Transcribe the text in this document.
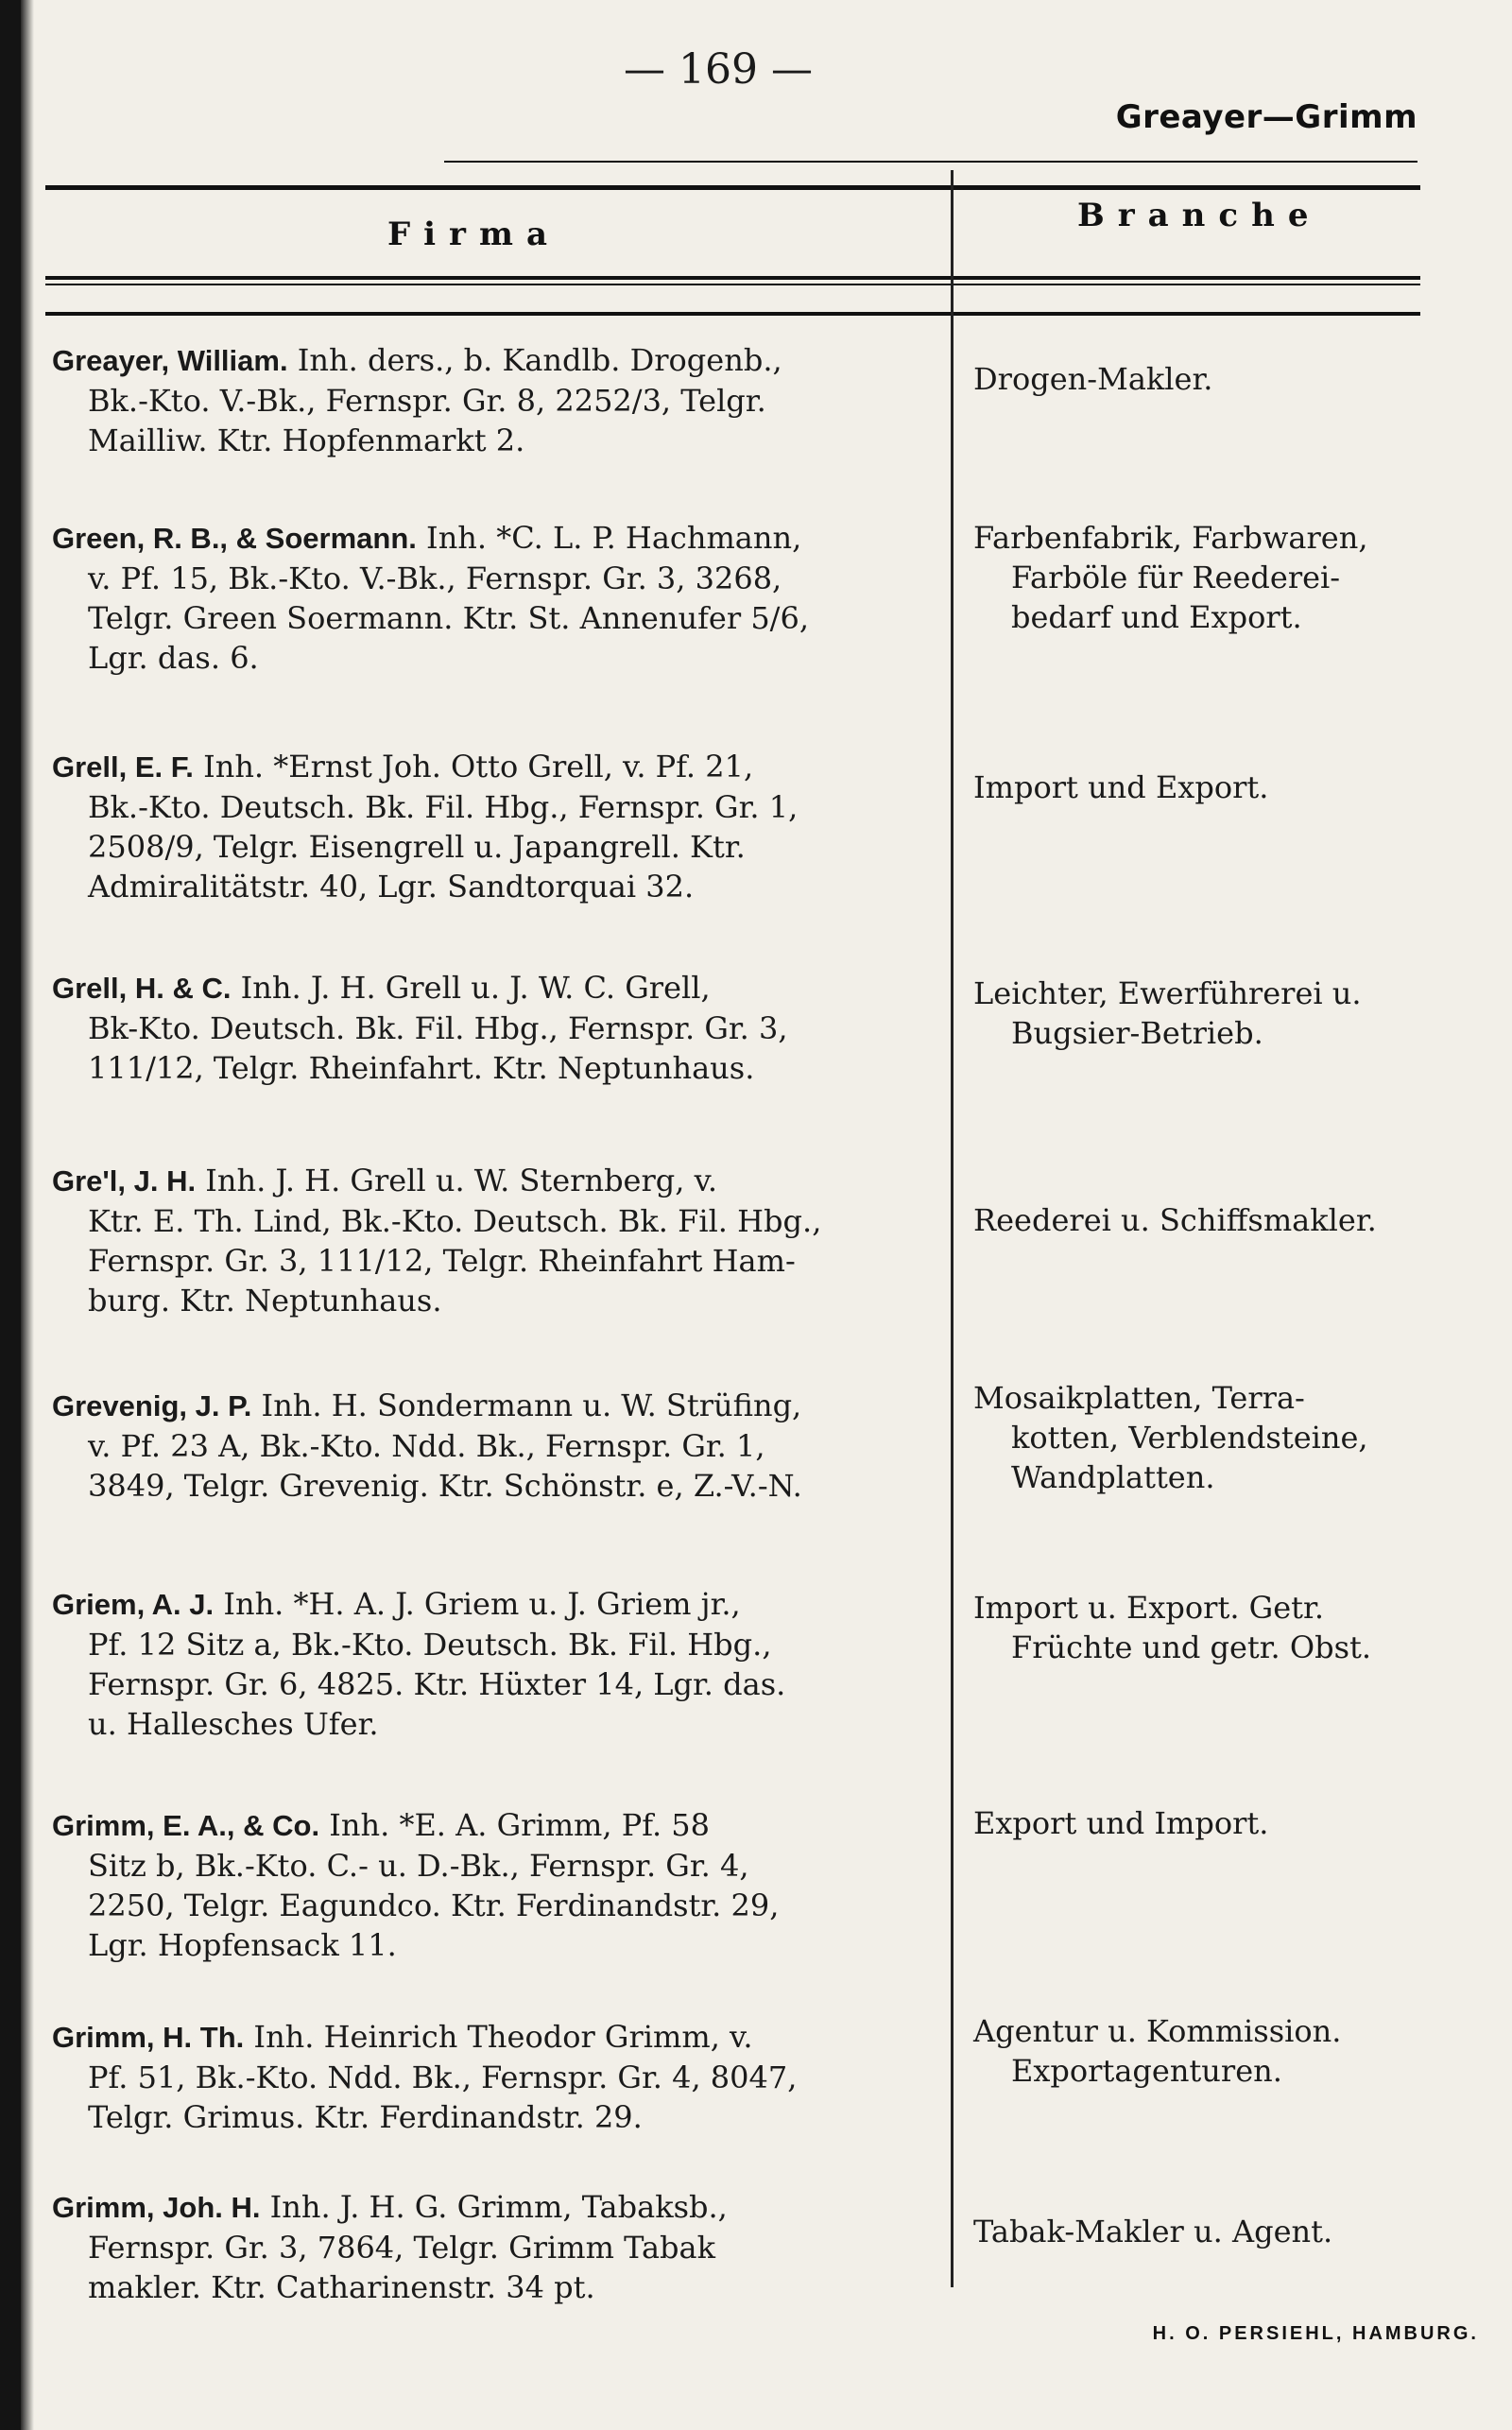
— 169 —
Greayer—Grimm
Firma	Branche
Greayer, William. Inh. ders., b. Kandlb. Drogenb.,
Bk.-Kto. V.-Bk., Fernspr. Gr. 8, 2252/3, Telgr.
Mailliw. Ktr. Hopfenmarkt 2.
Drogen-Makler.
Green, R. B., & Soermann. Inh. *C. L. P. Hachmann,
v. Pf. 15, Bk.-Kto. V.-Bk., Fernspr. Gr. 3, 3268,
Telgr. Green Soermann. Ktr. St. Annenufer 5/6,
Lgr. das. 6.
Farbenfabrik, Farbwaren,
Farböle für Reederei-
bedarf und Export.
Grell, E. F. Inh. *Ernst Joh. Otto Grell, v. Pf. 21,
Bk.-Kto. Deutsch. Bk. Fil. Hbg., Fernspr. Gr. 1,
2508/9, Telgr. Eisengrell u. Japangrell. Ktr.
Admiralitätstr. 40, Lgr. Sandtorquai 32.
Import und Export.
Grell, H. & C. Inh. J. H. Grell u. J. W. C. Grell,
Bk-Kto. Deutsch. Bk. Fil. Hbg., Fernspr. Gr. 3,
111/12, Telgr. Rheinfahrt. Ktr. Neptunhaus.
Leichter, Ewerführerei u.
Bugsier-Betrieb.
Gre'l, J. H. Inh. J. H. Grell u. W. Sternberg, v.
Ktr. E. Th. Lind, Bk.-Kto. Deutsch. Bk. Fil. Hbg.,
Fernspr. Gr. 3, 111/12, Telgr. Rheinfahrt Ham-
burg. Ktr. Neptunhaus.
Reederei u. Schiffsmakler.
Grevenig, J. P. Inh. H. Sondermann u. W. Strüfing,
v. Pf. 23 A, Bk.-Kto. Ndd. Bk., Fernspr. Gr. 1,
3849, Telgr. Grevenig. Ktr. Schönstr. e, Z.-V.-N.
Mosaikplatten, Terra-
kotten, Verblendsteine,
Wandplatten.
Griem, A. J. Inh. *H. A. J. Griem u. J. Griem jr.,
Pf. 12 Sitz a, Bk.-Kto. Deutsch. Bk. Fil. Hbg.,
Fernspr. Gr. 6, 4825. Ktr. Hüxter 14, Lgr. das.
u. Hallesches Ufer.
Import u. Export. Getr.
Früchte und getr. Obst.
Grimm, E. A., & Co. Inh. *E. A. Grimm, Pf. 58
Sitz b, Bk.-Kto. C.- u. D.-Bk., Fernspr. Gr. 4,
2250, Telgr. Eagundco. Ktr. Ferdinandstr. 29,
Lgr. Hopfensack 11.
Export und Import.
Grimm, H. Th. Inh. Heinrich Theodor Grimm, v.
Pf. 51, Bk.-Kto. Ndd. Bk., Fernspr. Gr. 4, 8047,
Telgr. Grimus. Ktr. Ferdinandstr. 29.
Agentur u. Kommission.
Exportagenturen.
Grimm, Joh. H. Inh. J. H. G. Grimm, Tabaksb.,
Fernspr. Gr. 3, 7864, Telgr. Grimm Tabak
makler. Ktr. Catharinenstr. 34 pt.
Tabak-Makler u. Agent.
H. O. PERSIEHL, HAMBURG.
